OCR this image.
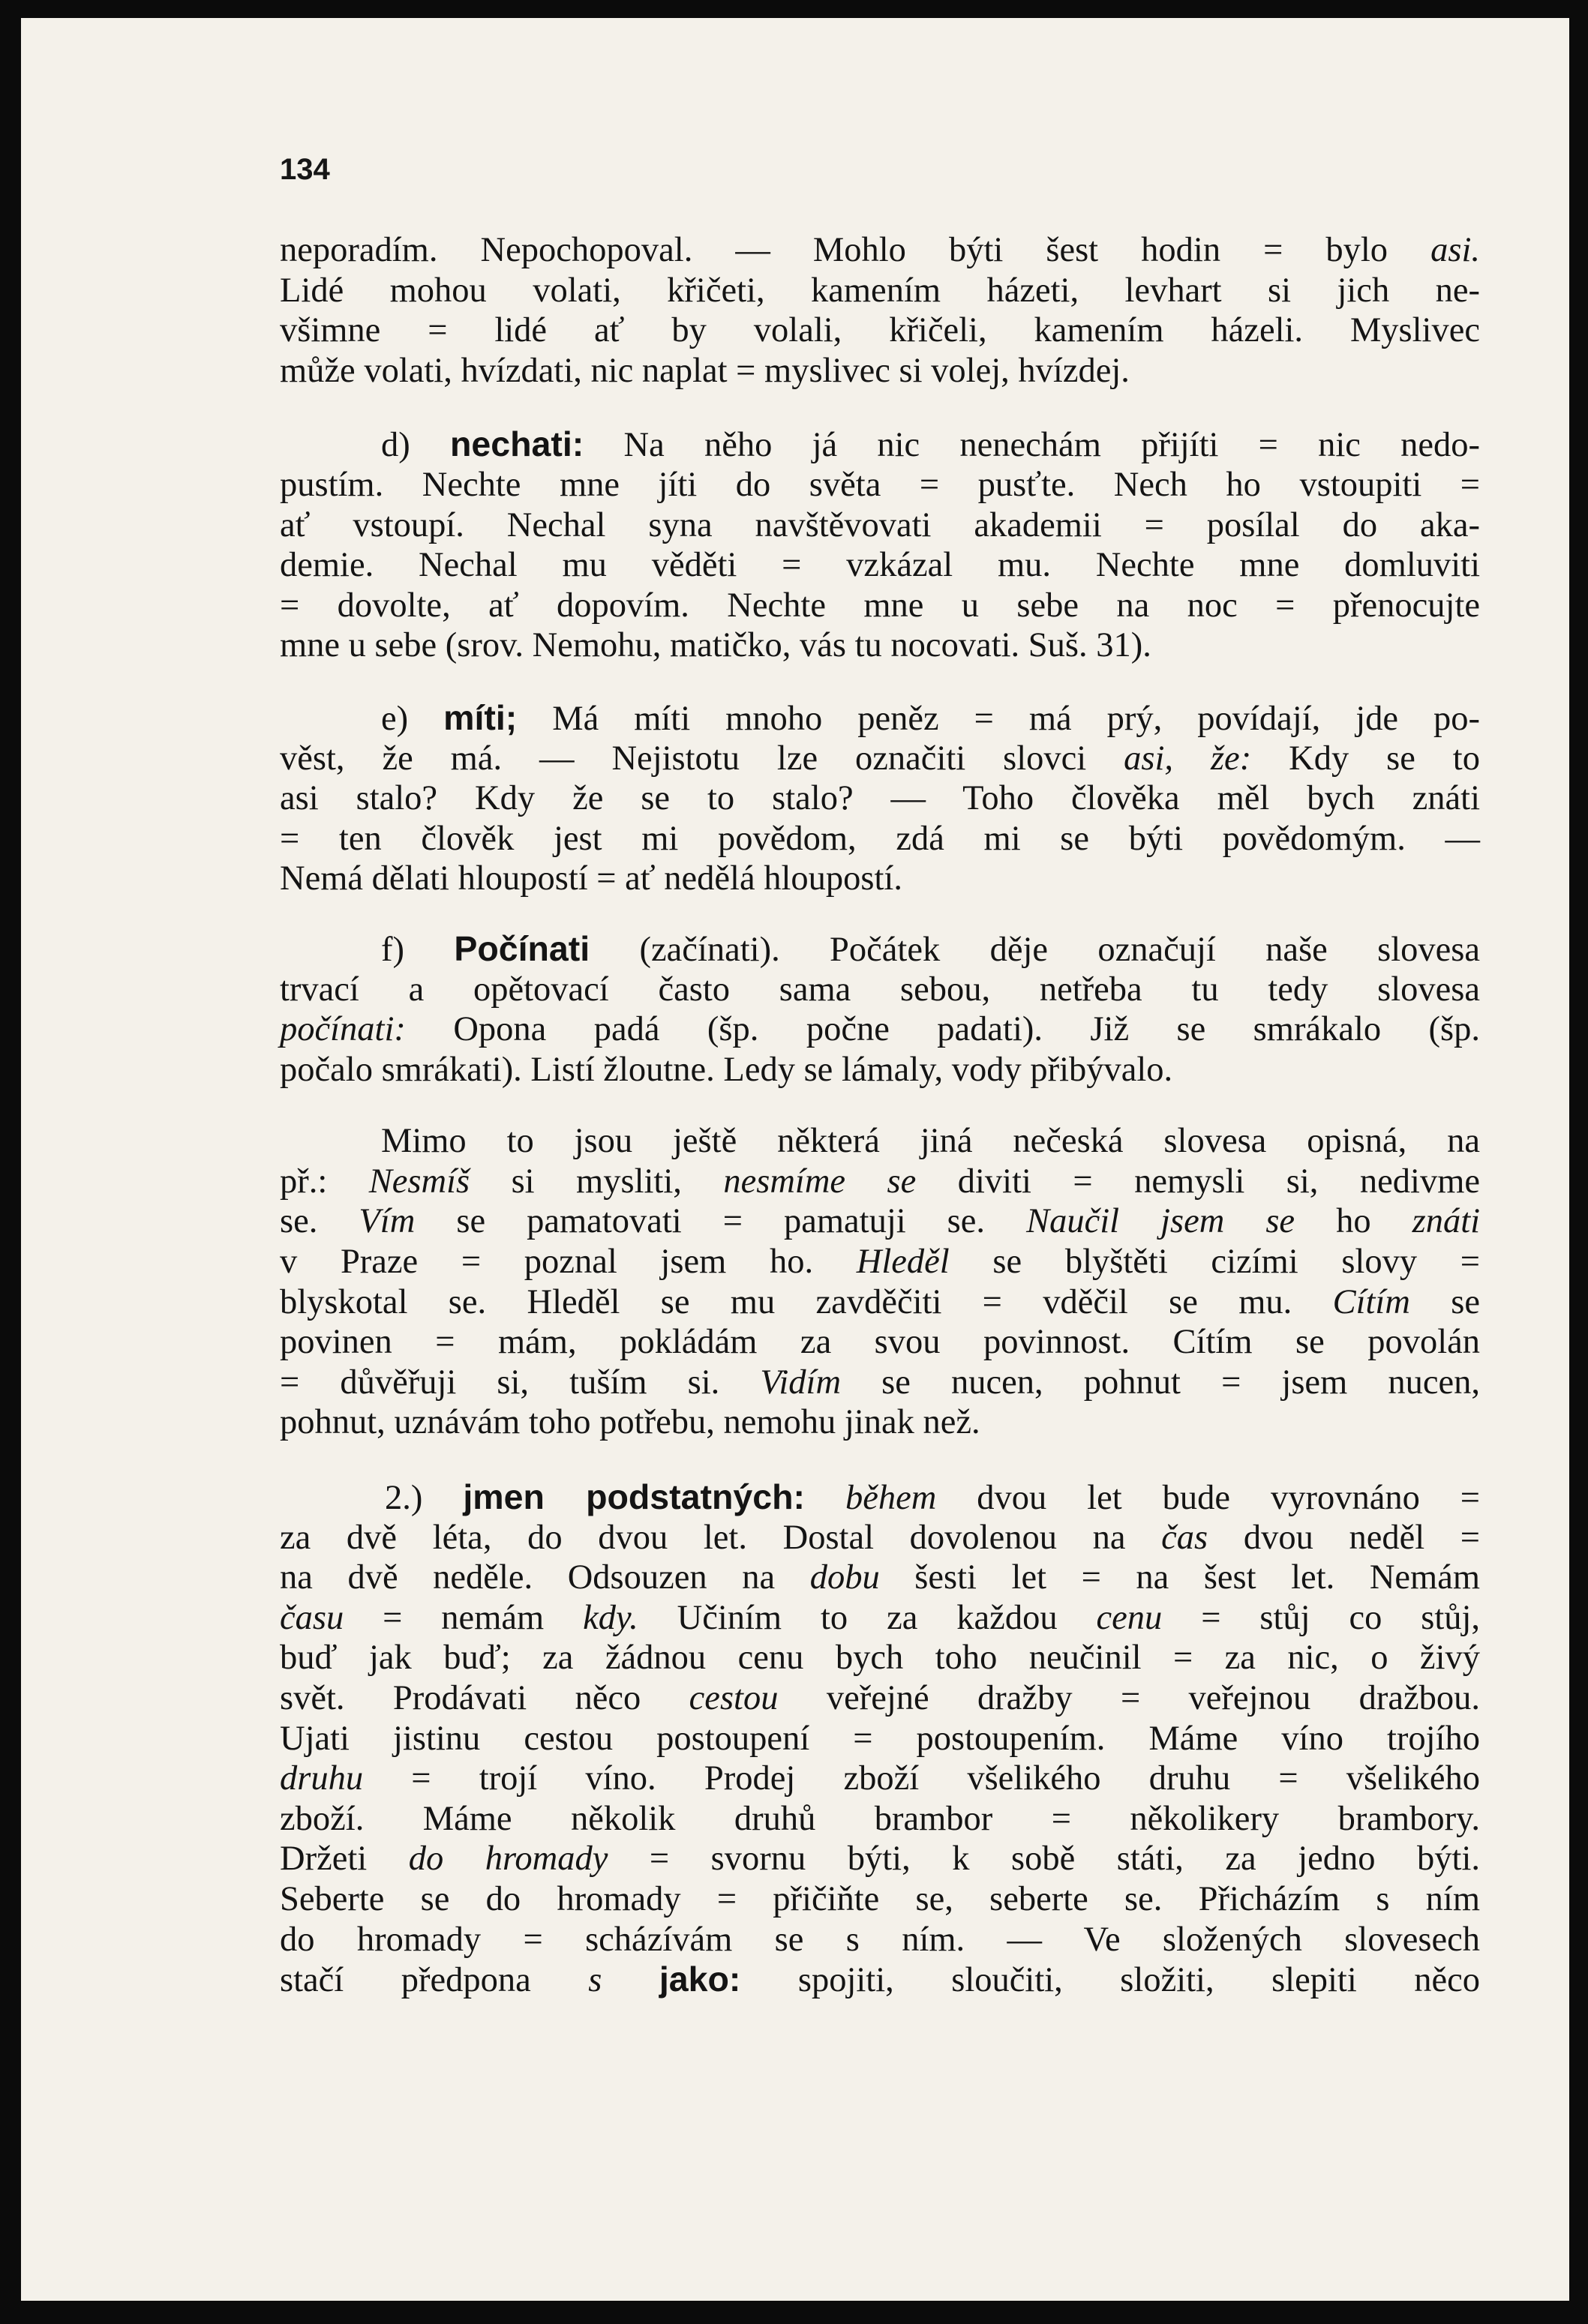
134
neporadím. Nepochopoval. — Mohlo býti šest hodin = bylo asi.
Lidé mohou volati, křičeti, kamením házeti, levhart si jich ne-
všimne = lidé ať by volali, křičeli, kamením házeli. Myslivec
může volati, hvízdati, nic naplat = myslivec si volej, hvízdej.
d) nechati: Na něho já nic nenechám přijíti = nic nedo-
pustím. Nechte mne jíti do světa = pusťte. Nech ho vstoupiti =
ať vstoupí. Nechal syna navštěvovati akademii = posílal do aka-
demie. Nechal mu věděti = vzkázal mu. Nechte mne domluviti
= dovolte, ať dopovím. Nechte mne u sebe na noc = přenocujte
mne u sebe (srov. Nemohu, matičko, vás tu nocovati. Suš. 31).
e) míti; Má míti mnoho peněz = má prý, povídají, jde po-
věst, že má. — Nejistotu lze označiti slovci asi, že: Kdy se to
asi stalo? Kdy že se to stalo? — Toho člověka měl bych znáti
= ten člověk jest mi povědom, zdá mi se býti povědomým. —
Nemá dělati hloupostí = ať nedělá hloupostí.
f) Počínati (začínati). Počátek děje označují naše slovesa
trvací a opětovací často sama sebou, netřeba tu tedy slovesa
počínati: Opona padá (šp. počne padati). Již se smrákalo (šp.
počalo smrákati). Listí žloutne. Ledy se lámaly, vody přibývalo.
Mimo to jsou ještě některá jiná nečeská slovesa opisná, na
př.: Nesmíš si mysliti, nesmíme se diviti = nemysli si, nedivme
se. Vím se pamatovati = pamatuji se. Naučil jsem se ho znáti
v Praze = poznal jsem ho. Hleděl se blyštěti cizími slovy =
blyskotal se. Hleděl se mu zavděčiti = vděčil se mu. Cítím se
povinen = mám, pokládám za svou povinnost. Cítím se povolán
= důvěřuji si, tuším si. Vidím se nucen, pohnut = jsem nucen,
pohnut, uznávám toho potřebu, nemohu jinak než.
2.) jmen podstatných: během dvou let bude vyrovnáno =
za dvě léta, do dvou let. Dostal dovolenou na čas dvou neděl =
na dvě neděle. Odsouzen na dobu šesti let = na šest let. Nemám
času = nemám kdy. Učiním to za každou cenu = stůj co stůj,
buď jak buď; za žádnou cenu bych toho neučinil = za nic, o živý
svět. Prodávati něco cestou veřejné dražby = veřejnou dražbou.
Ujati jistinu cestou postoupení = postoupením. Máme víno trojího
druhu = trojí víno. Prodej zboží všelikého druhu = všelikého
zboží. Máme několik druhů brambor = několikery brambory.
Držeti do hromady = svornu býti, k sobě státi, za jedno býti.
Seberte se do hromady = přičiňte se, seberte se. Přicházím s ním
do hromady = scházívám se s ním. — Ve složených slovesech
stačí předpona s jako: spojiti, sloučiti, složiti, slepiti něco
